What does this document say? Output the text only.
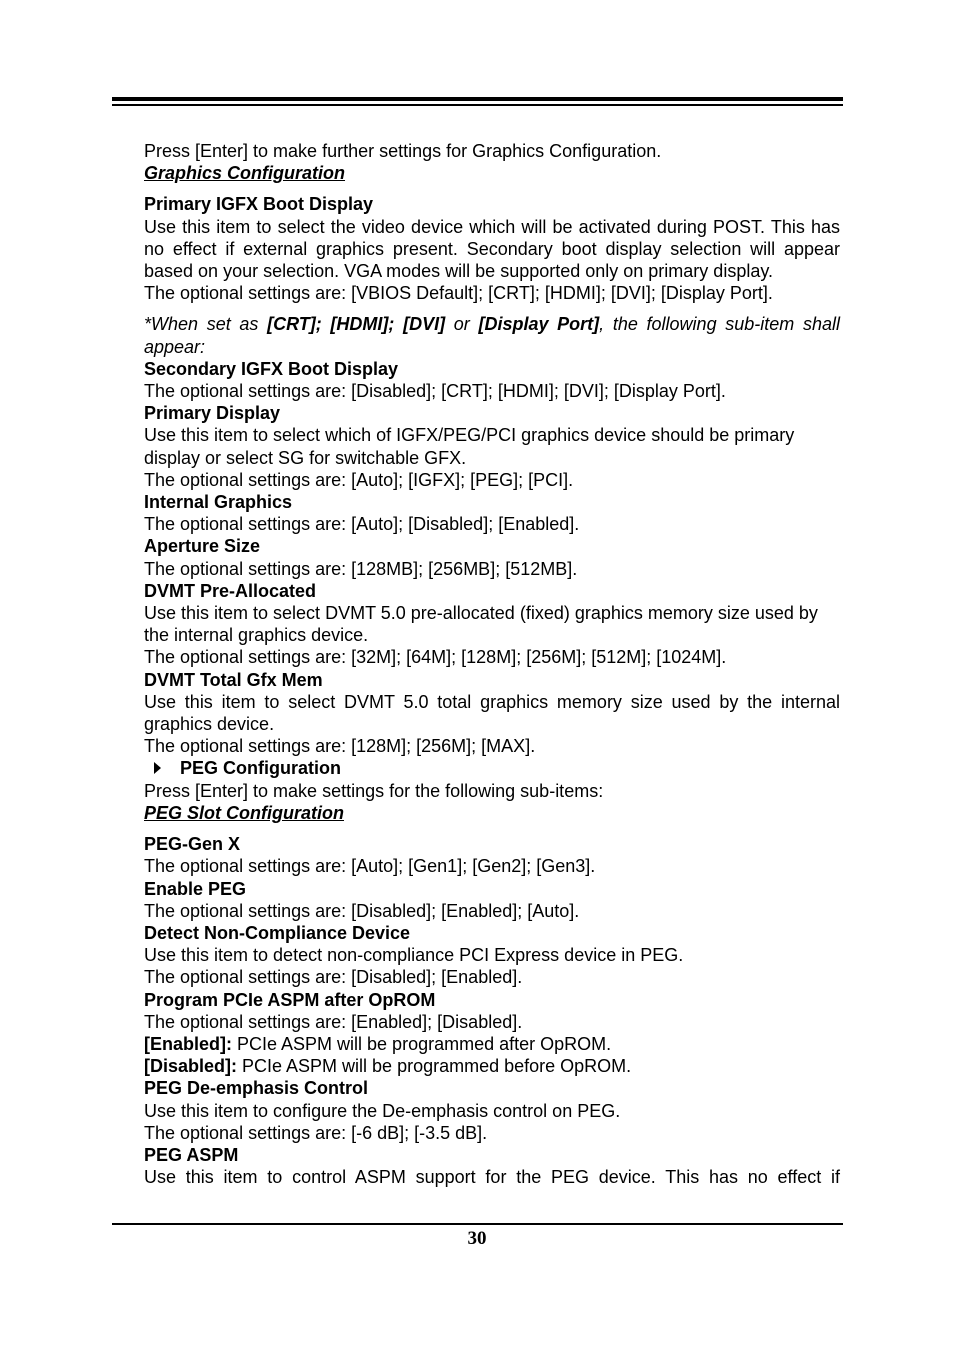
Press [Enter] to make further settings for Graphics Configuration.

Graphics Configuration

Primary IGFX Boot Display

Use this item to select the video device which will be activated during POST. This has no effect if external graphics present. Secondary boot display selection will appear based on your selection. VGA modes will be supported only on primary display.

The optional settings are: [VBIOS Default]; [CRT]; [HDMI]; [DVI]; [Display Port].

*When set as [CRT]; [HDMI]; [DVI] or [Display Port], the following sub-item shall appear:

Secondary IGFX Boot Display

The optional settings are: [Disabled]; [CRT]; [HDMI]; [DVI]; [Display Port].

Primary Display

Use this item to select which of IGFX/PEG/PCI graphics device should be primary display or select SG for switchable GFX.

The optional settings are: [Auto]; [IGFX]; [PEG]; [PCI].

Internal Graphics

The optional settings are: [Auto]; [Disabled]; [Enabled].

Aperture Size

The optional settings are: [128MB]; [256MB]; [512MB].

DVMT Pre-Allocated

Use this item to select DVMT 5.0 pre-allocated (fixed) graphics memory size used by the internal graphics device.

The optional settings are: [32M]; [64M]; [128M]; [256M]; [512M]; [1024M].

DVMT Total Gfx Mem

Use this item to select DVMT 5.0 total graphics memory size used by the internal graphics device.

The optional settings are: [128M]; [256M]; [MAX].

PEG Configuration

Press [Enter] to make settings for the following sub-items:

PEG Slot Configuration

PEG-Gen X

The optional settings are: [Auto]; [Gen1]; [Gen2]; [Gen3].

Enable PEG

The optional settings are: [Disabled]; [Enabled]; [Auto].

Detect Non-Compliance Device

Use this item to detect non-compliance PCI Express device in PEG.

The optional settings are: [Disabled]; [Enabled].

Program PCIe ASPM after OpROM

The optional settings are: [Enabled]; [Disabled].

[Enabled]: PCIe ASPM will be programmed after OpROM.

[Disabled]: PCIe ASPM will be programmed before OpROM.

PEG De-emphasis Control

Use this item to configure the De-emphasis control on PEG.

The optional settings are: [-6 dB]; [-3.5 dB].

PEG ASPM

Use this item to control ASPM support for the PEG device. This has no effect if

30
